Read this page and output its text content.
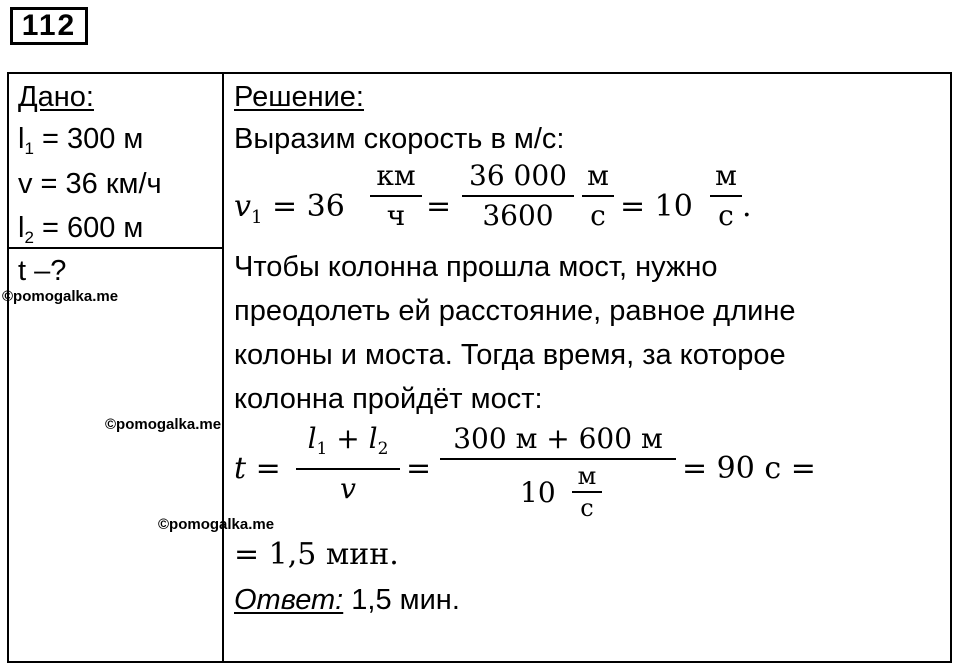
112
Дано:
$l_1 = 300$ м
v = 36 км/ч
$l_2 = 600$ м
t –?
Решение:
Выразим скорость в м/с:
$v_1 = 36$
км
ч =
36 000
3600
м
с = 10
м
с .
Чтобы колонна прошла мост, нужно
преодолеть ей расстояние, равное длине
колоны и моста. Тогда время, за которое
колонна пройдёт мост:
t =
$l_1 + l_2$
v
=
300 м + 600 м
10 м
с
= 90 с =
= 1,5 мин.
Ответ: 1,5 мин.
©pomogalka.me
©pomogalka.me
©pomogalka.me
